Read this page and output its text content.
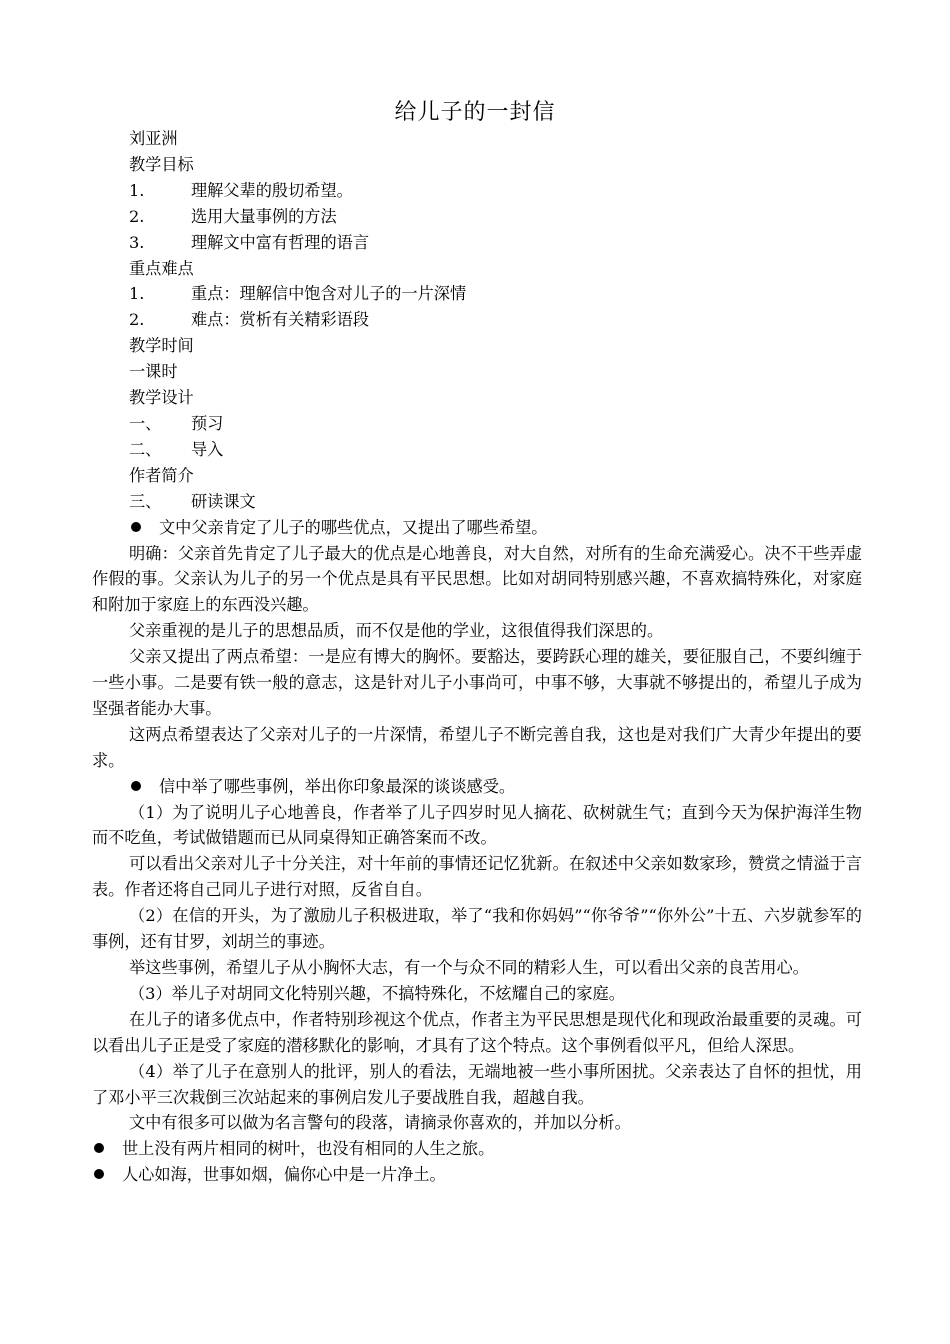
给儿子的一封信
刘亚洲
教学目标
1.	理解父辈的殷切希望。
2.	选用大量事例的方法
3.	理解文中富有哲理的语言
重点难点
1.	重点：理解信中饱含对儿子的一片深情
2.	难点：赏析有关精彩语段
教学时间
一课时
教学设计
一、 预习
二、 导入
作者简介
三、 研读课文
文中父亲肯定了儿子的哪些优点，又提出了哪些希望。
明确：父亲首先肯定了儿子最大的优点是心地善良，对大自然，对所有的生命充满爱心。决不干些弄虚作假的事。父亲认为儿子的另一个优点是具有平民思想。比如对胡同特别感兴趣，不喜欢搞特殊化，对家庭和附加于家庭上的东西没兴趣。
父亲重视的是儿子的思想品质，而不仅是他的学业，这很值得我们深思的。
父亲又提出了两点希望：一是应有博大的胸怀。要豁达，要跨跃心理的雄关，要征服自己，不要纠缠于一些小事。二是要有铁一般的意志，这是针对儿子小事尚可，中事不够，大事就不够提出的，希望儿子成为坚强者能办大事。
这两点希望表达了父亲对儿子的一片深情，希望儿子不断完善自我，这也是对我们广大青少年提出的要求。
信中举了哪些事例，举出你印象最深的谈谈感受。
（1）为了说明儿子心地善良，作者举了儿子四岁时见人摘花、砍树就生气；直到今天为保护海洋生物而不吃鱼，考试做错题而已从同桌得知正确答案而不改。
可以看出父亲对儿子十分关注，对十年前的事情还记忆犹新。在叙述中父亲如数家珍，赞赏之情溢于言表。作者还将自己同儿子进行对照，反省自自。
（2）在信的开头，为了激励儿子积极进取，举了“我和你妈妈”“你爷爷”“你外公”十五、六岁就参军的事例，还有甘罗，刘胡兰的事迹。
举这些事例，希望儿子从小胸怀大志，有一个与众不同的精彩人生，可以看出父亲的良苦用心。
（3）举儿子对胡同文化特别兴趣，不搞特殊化，不炫耀自己的家庭。
在儿子的诸多优点中，作者特别珍视这个优点，作者主为平民思想是现代化和现政治最重要的灵魂。可以看出儿子正是受了家庭的潜移默化的影响，才具有了这个特点。这个事例看似平凡，但给人深思。
（4）举了儿子在意别人的批评，别人的看法，无端地被一些小事所困扰。父亲表达了自怀的担忧，用了邓小平三次栽倒三次站起来的事例启发儿子要战胜自我，超越自我。
文中有很多可以做为名言警句的段落，请摘录你喜欢的，并加以分析。
世上没有两片相同的树叶，也没有相同的人生之旅。
人心如海，世事如烟，偏你心中是一片净土。
